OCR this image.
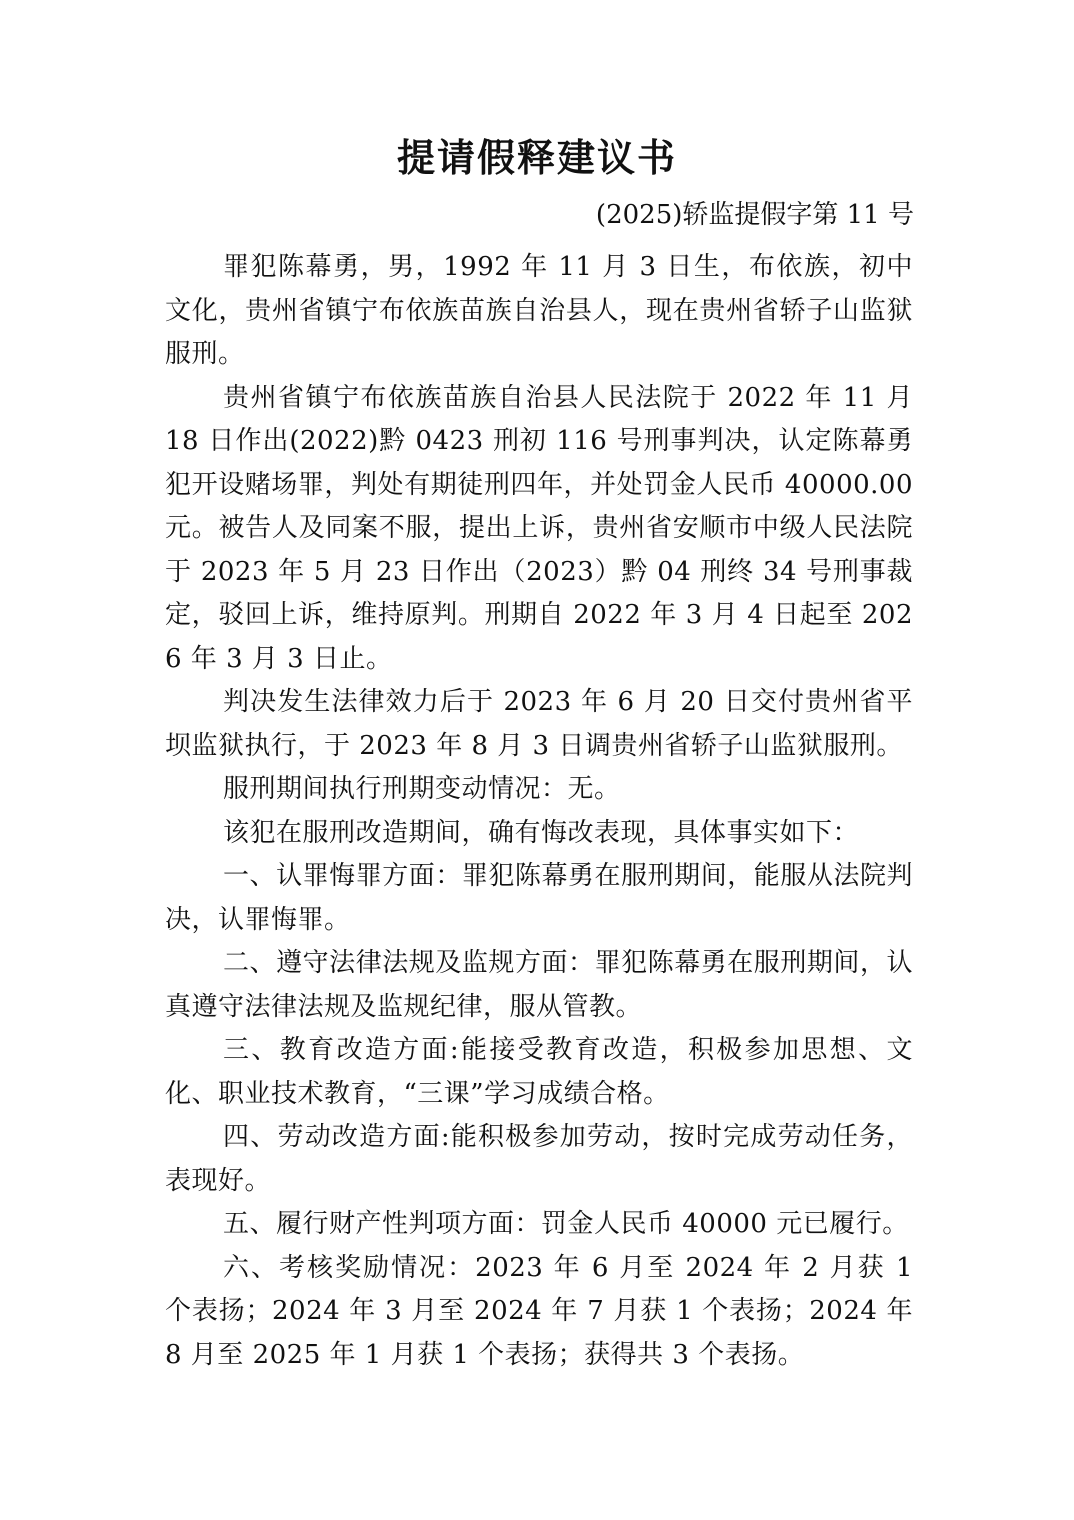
提请假释建议书
(2025)轿监提假字第 11 号

罪犯陈幕勇，男，1992 年 11 月 3 日生，布依族，初中文化，贵州省镇宁布依族苗族自治县人，现在贵州省轿子山监狱服刑。

贵州省镇宁布依族苗族自治县人民法院于 2022 年 11 月 18 日作出(2022)黔 0423 刑初 116 号刑事判决，认定陈幕勇犯开设赌场罪，判处有期徒刑四年，并处罚金人民币 40000.00 元。被告人及同案不服，提出上诉，贵州省安顺市中级人民法院于 2023 年 5 月 23 日作出（2023）黔 04 刑终 34 号刑事裁定，驳回上诉，维持原判。刑期自 2022 年 3 月 4 日起至 2026 年 3 月 3 日止。

判决发生法律效力后于 2023 年 6 月 20 日交付贵州省平坝监狱执行，于 2023 年 8 月 3 日调贵州省轿子山监狱服刑。

服刑期间执行刑期变动情况：无。

该犯在服刑改造期间，确有悔改表现，具体事实如下：

一、认罪悔罪方面：罪犯陈幕勇在服刑期间，能服从法院判决，认罪悔罪。

二、遵守法律法规及监规方面：罪犯陈幕勇在服刑期间，认真遵守法律法规及监规纪律，服从管教。

三、教育改造方面:能接受教育改造，积极参加思想、文化、职业技术教育，“三课”学习成绩合格。

四、劳动改造方面:能积极参加劳动，按时完成劳动任务，表现好。

五、履行财产性判项方面：罚金人民币 40000 元已履行。

六、考核奖励情况：2023 年 6 月至 2024 年 2 月获 1 个表扬；2024 年 3 月至 2024 年 7 月获 1 个表扬；2024 年 8 月至 2025 年 1 月获 1 个表扬；获得共 3 个表扬。
